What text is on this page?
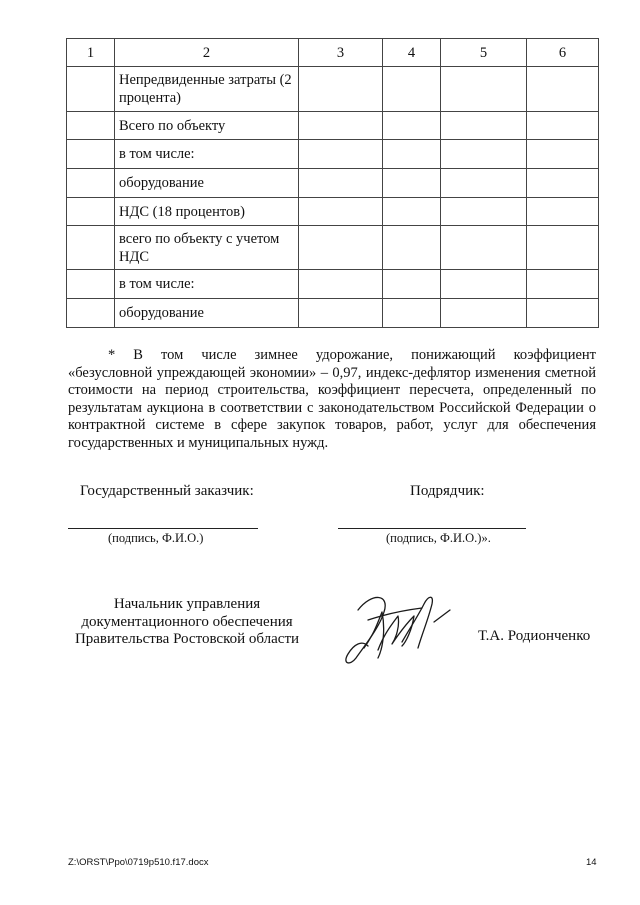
1	2	3	4	5	6
	Непредвиденные затраты (2 процента)				
	Всего по объекту				
	в том числе:				
	оборудование				
	НДС (18 процентов)				
	всего по объекту с учетом НДС				
	в том числе:				
	оборудование				
* В том числе зимнее удорожание, понижающий коэффициент
«безусловной упреждающей экономии» – 0,97, индекс-дефлятор изменения сметной стоимости на период строительства, коэффициент пересчета, определенный по результатам аукциона в соответствии с законодательством Российской Федерации о контрактной системе в сфере закупок товаров, работ, услуг для обеспечения государственных и муниципальных нужд.
Государственный заказчик:	Подрядчик:
(подпись, Ф.И.О.)	(подпись, Ф.И.О.)».
Начальник управления
документационного обеспечения
Правительства Ростовской области	Т.А. Родионченко
Z:\ORST\Ppo\0719p510.f17.docx	14
